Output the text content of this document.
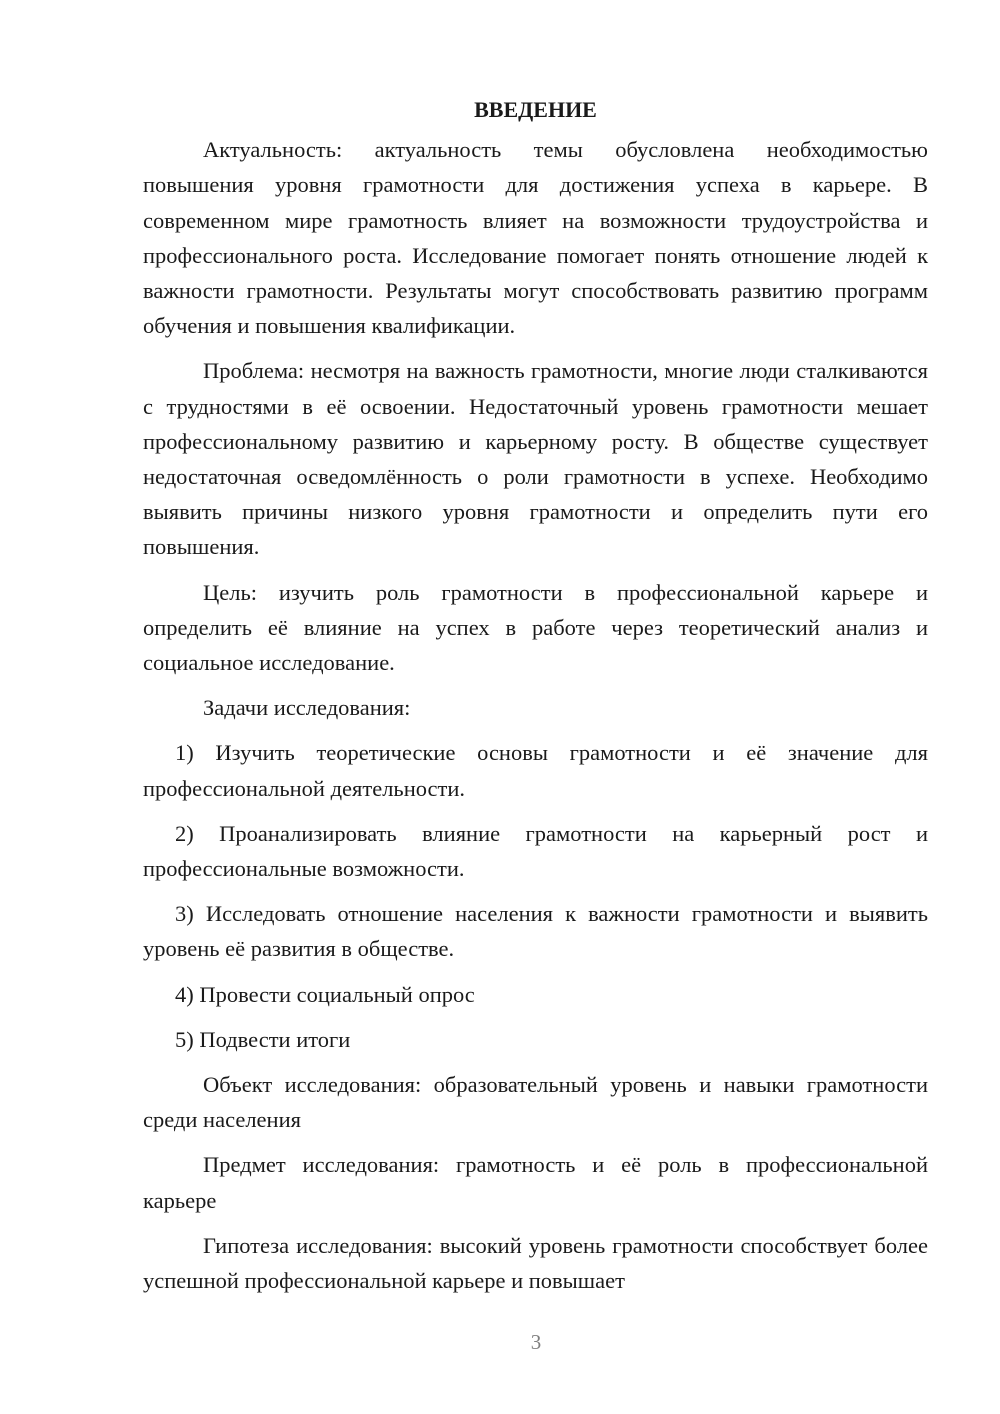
ВВЕДЕНИЕ

Актуальность: актуальность темы обусловлена необходимостью повышения уровня грамотности для достижения успеха в карьере. В современном мире грамотность влияет на возможности трудоустройства и профессионального роста. Исследование помогает понять отношение людей к важности грамотности. Результаты могут способствовать развитию программ обучения и повышения квалификации.

Проблема: несмотря на важность грамотности, многие люди сталкиваются с трудностями в её освоении. Недостаточный уровень грамотности мешает профессиональному развитию и карьерному росту. В обществе существует недостаточная осведомлённость о роли грамотности в успехе. Необходимо выявить причины низкого уровня грамотности и определить пути его повышения.

Цель: изучить роль грамотности в профессиональной карьере и определить её влияние на успех в работе через теоретический анализ и социальное исследование.

Задачи исследования:

1) Изучить теоретические основы грамотности и её значение для профессиональной деятельности.

2) Проанализировать влияние грамотности на карьерный рост и профессиональные возможности.

3) Исследовать отношение населения к важности грамотности и выявить уровень её развития в обществе.

4) Провести социальный опрос

5) Подвести итоги

Объект исследования: образовательный уровень и навыки грамотности среди населения

Предмет исследования: грамотность и её роль в профессиональной карьере

Гипотеза исследования: высокий уровень грамотности способствует более успешной профессиональной карьере и повышает

3
